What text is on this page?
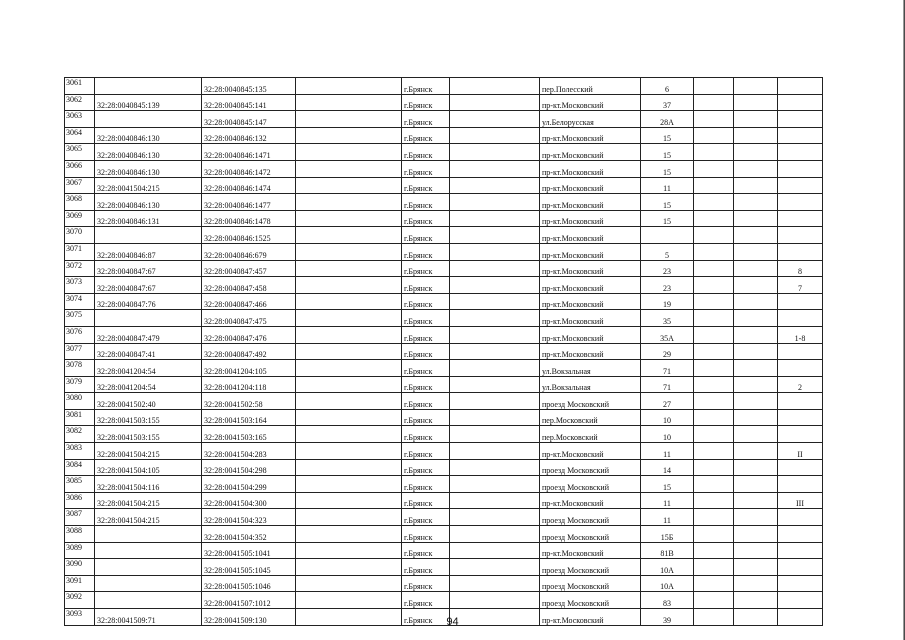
3061		32:28:0040845:135		г.Брянск		пер.Полесский	6			
3062	32:28:0040845:139	32:28:0040845:141		г.Брянск		пр-кт.Московский	37			
3063		32:28:0040845:147		г.Брянск		ул.Белорусская	28А			
3064	32:28:0040846:130	32:28:0040846:132		г.Брянск		пр-кт.Московский	15			
3065	32:28:0040846:130	32:28:0040846:1471		г.Брянск		пр-кт.Московский	15			
3066	32:28:0040846:130	32:28:0040846:1472		г.Брянск		пр-кт.Московский	15			
3067	32:28:0041504:215	32:28:0040846:1474		г.Брянск		пр-кт.Московский	11			
3068	32:28:0040846:130	32:28:0040846:1477		г.Брянск		пр-кт.Московский	15			
3069	32:28:0040846:131	32:28:0040846:1478		г.Брянск		пр-кт.Московский	15			
3070		32:28:0040846:1525		г.Брянск		пр-кт.Московский				
3071	32:28:0040846:87	32:28:0040846:679		г.Брянск		пр-кт.Московский	5			
3072	32:28:0040847:67	32:28:0040847:457		г.Брянск		пр-кт.Московский	23			8
3073	32:28:0040847:67	32:28:0040847:458		г.Брянск		пр-кт.Московский	23			7
3074	32:28:0040847:76	32:28:0040847:466		г.Брянск		пр-кт.Московский	19			
3075		32:28:0040847:475		г.Брянск		пр-кт.Московский	35			
3076	32:28:0040847:479	32:28:0040847:476		г.Брянск		пр-кт.Московский	35А			1-8
3077	32:28:0040847:41	32:28:0040847:492		г.Брянск		пр-кт.Московский	29			
3078	32:28:0041204:54	32:28:0041204:105		г.Брянск		ул.Вокзальная	71			
3079	32:28:0041204:54	32:28:0041204:118		г.Брянск		ул.Вокзальная	71			2
3080	32:28:0041502:40	32:28:0041502:58		г.Брянск		проезд Московский	27			
3081	32:28:0041503:155	32:28:0041503:164		г.Брянск		пер.Московский	10			
3082	32:28:0041503:155	32:28:0041503:165		г.Брянск		пер.Московский	10			
3083	32:28:0041504:215	32:28:0041504:283		г.Брянск		пр-кт.Московский	11			II
3084	32:28:0041504:105	32:28:0041504:298		г.Брянск		проезд Московский	14			
3085	32:28:0041504:116	32:28:0041504:299		г.Брянск		проезд Московский	15			
3086	32:28:0041504:215	32:28:0041504:300		г.Брянск		пр-кт.Московский	11			III
3087	32:28:0041504:215	32:28:0041504:323		г.Брянск		проезд Московский	11			
3088		32:28:0041504:352		г.Брянск		проезд Московский	15Б			
3089		32:28:0041505:1041		г.Брянск		пр-кт.Московский	81В			
3090		32:28:0041505:1045		г.Брянск		проезд Московский	10А			
3091		32:28:0041505:1046		г.Брянск		проезд Московский	10А			
3092		32:28:0041507:1012		г.Брянск		проезд Московский	83			
3093	32:28:0041509:71	32:28:0041509:130		г.Брянск		пр-кт.Московский	39			
94
